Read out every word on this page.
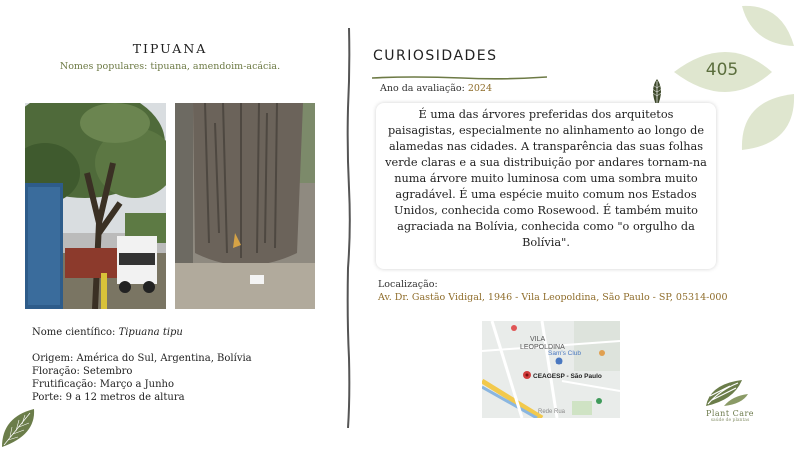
TIPUANA
Nomes populares: tipuana, amendoim-acácia.
Nome científico: Tipuana tipu
Origem: América do Sul, Argentina, Bolívia
Floração: Setembro
Frutificação: Março a Junho
Porte: 9 a 12 metros de altura
CURIOSIDADES
Ano da avaliação: 2024
É uma das árvores preferidas dos arquitetos paisagistas, especialmente no alinhamento ao longo de alamedas nas cidades. A transparência das suas folhas verde claras e a sua distribuição por andares tornam-na numa árvore muito luminosa com uma sombra muito agradável. É uma espécie muito comum nos Estados Unidos, conhecida como Rosewood. É também muito agraciada na Bolívia, conhecida como "o orgulho da Bolívia".
Localização:
Av. Dr. Gastão Vidigal, 1946 - Vila Leopoldina, São Paulo - SP, 05314-000
VILA
LEOPOLDINA
Sam's Club
CEAGESP - São Paulo
Rede Rua
405
Plant Care
saúde de plantas
